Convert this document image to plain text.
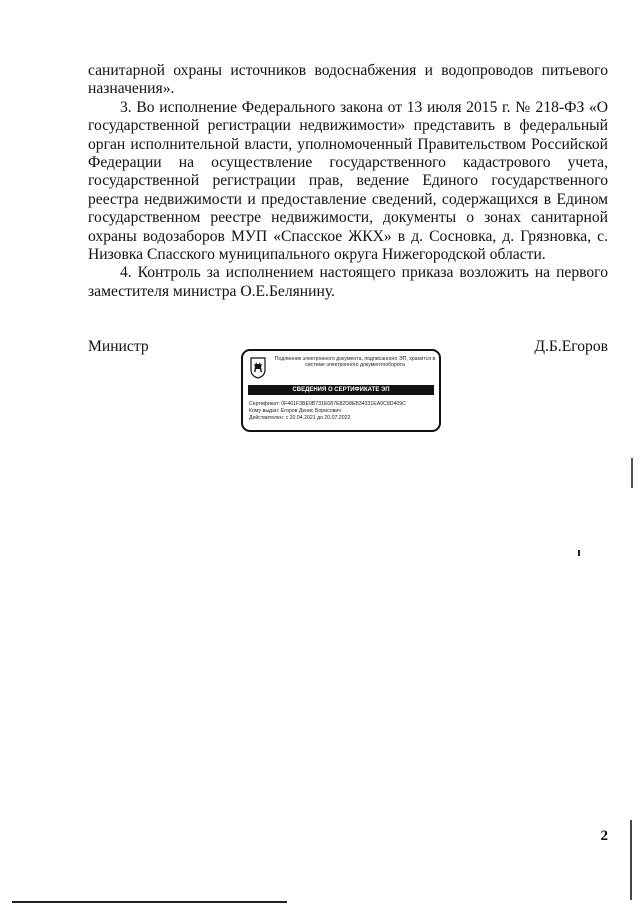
санитарной охраны источников водоснабжения и водопроводов питьевого назначения».

3. Во исполнение Федерального закона от 13 июля 2015 г. № 218-ФЗ «О государственной регистрации недвижимости» представить в федеральный орган исполнительной власти, уполномоченный Правительством Российской Федерации на осуществление государственного кадастрового учета, государственной регистрации прав, ведение Единого государственного реестра недвижимости и предоставление сведений, содержащихся в Едином государственном реестре недвижимости, документы о зонах санитарной охраны водозаборов МУП «Спасское ЖКХ» в д. Сосновка, д. Грязновка, с. Низовка Спасского муниципального округа Нижегородской области.

4. Контроль за исполнением настоящего приказа возложить на первого заместителя министра О.Е.Белянину.

Министр	Д.Б.Егоров
Подлинник электронного документа, подписанного ЭП, хранится в системе электронного документооборота
СВЕДЕНИЯ О СЕРТИФИКАТЕ ЭП
Сертификат: 0F461F3BE9B731E087E82D8EB34331EA0C8D409C
Кому выдан: Егоров Денис Борисович
Действителен: с 20.04.2021 до 20.07.2022
2
